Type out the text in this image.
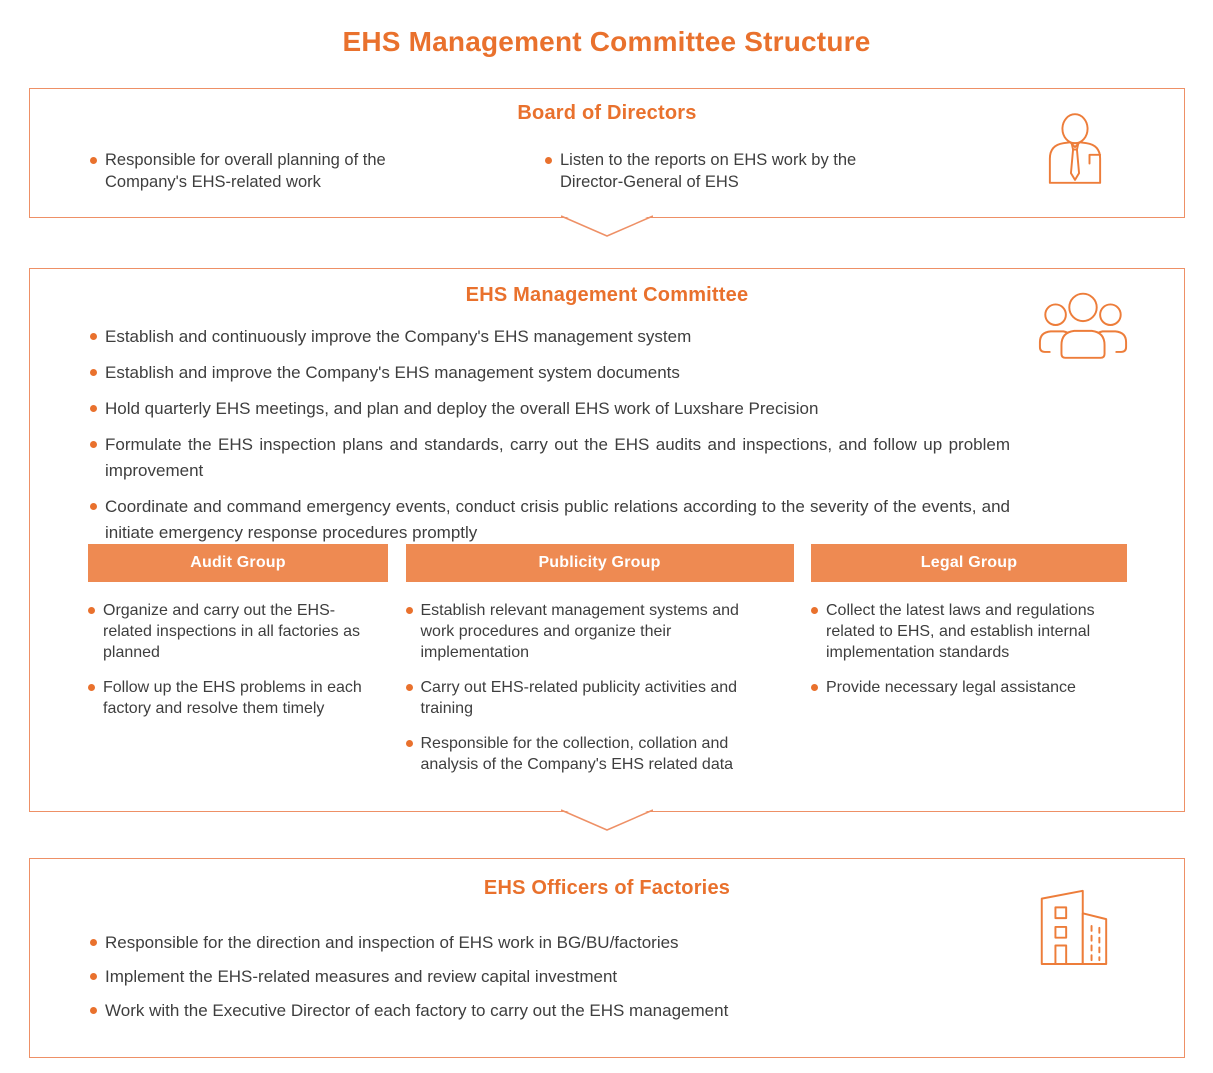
EHS Management Committee Structure
Board of Directors
Responsible for overall planning of the Company's EHS-related work
Listen to the reports on EHS work by the Director-General of EHS
EHS Management Committee
Establish and continuously improve the Company's EHS management system
Establish and improve the Company's EHS management system documents
Hold quarterly EHS meetings, and plan and deploy the overall EHS work of Luxshare Precision
Formulate the EHS inspection plans and standards, carry out the EHS audits and inspections, and follow up problem improvement
Coordinate and command emergency events, conduct crisis public relations according to the severity of the events, and initiate emergency response procedures promptly
Audit Group
Organize and carry out the EHS-related inspections in all factories as planned
Follow up the EHS problems in each factory and resolve them timely
Publicity Group
Establish relevant management systems and work procedures and organize their implementation
Carry out EHS-related publicity activities and training
Responsible for the collection, collation and analysis of the Company's EHS related data
Legal Group
Collect the latest laws and regulations related to EHS, and establish internal implementation standards
Provide necessary legal assistance
EHS Officers of Factories
Responsible for the direction and inspection of EHS work in BG/BU/factories
Implement the EHS-related measures and review capital investment
Work with the Executive Director of each factory to carry out the EHS management
